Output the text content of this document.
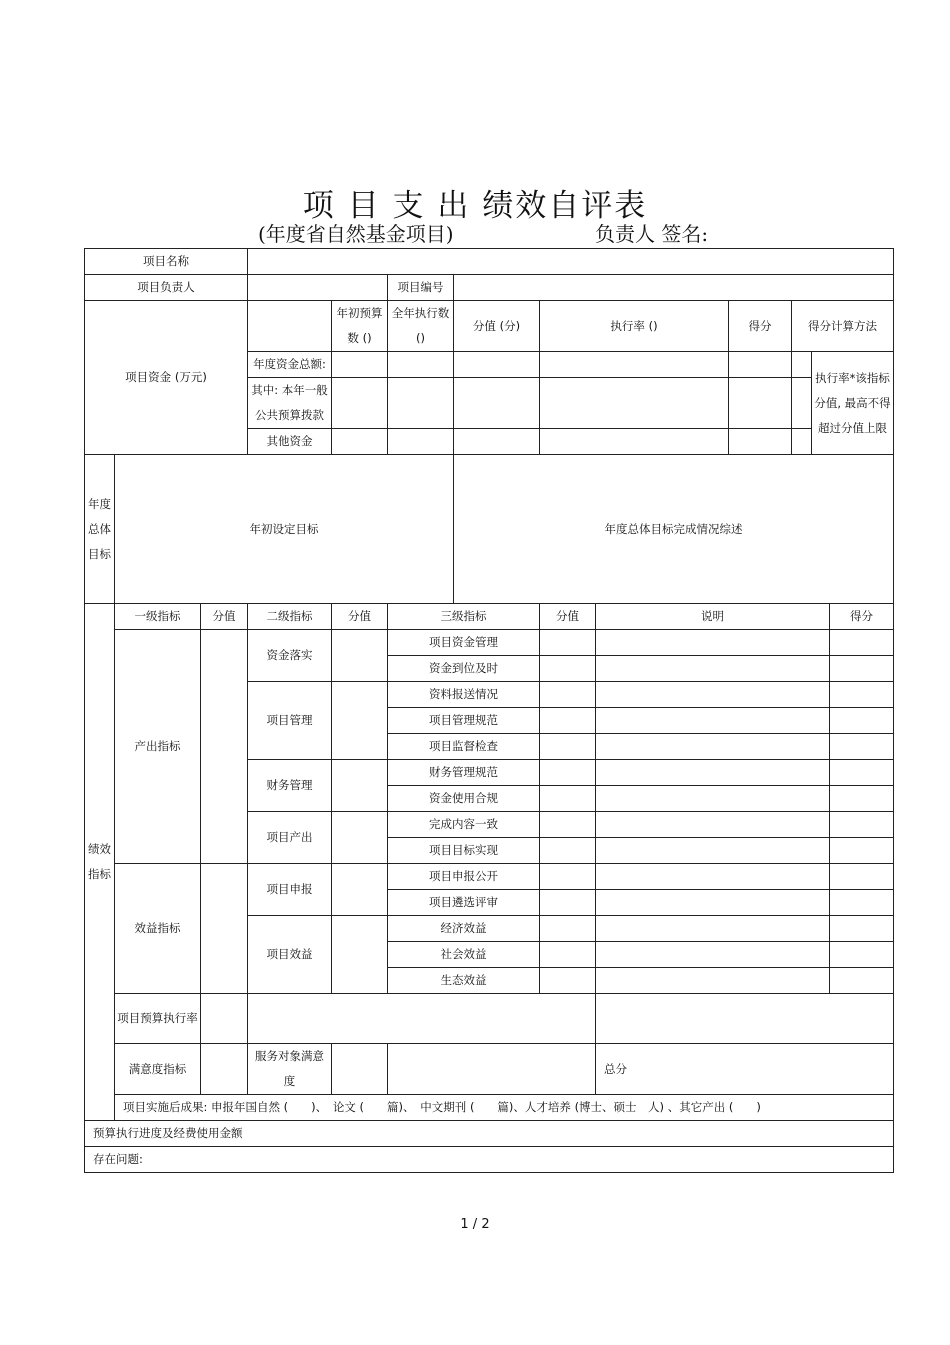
项 目 支 出 绩效自评表
(年度省自然基金项目)	负责人 签名:
项目名称												
项目负责人					项目编号							
项目资金 (万元)				年初预算数 ()	全年执行数 ()	分值 (分)	执行率 ()		得分	得分计算方法		
			年度资金总额:								执行率*该指标分值, 最高不得超过分值上限	
			其中: 本年一般公共预算拨款									
			其他资金									
年度总体目标	年初设定目标					年度总体目标完成情况综述						
绩效指标	一级指标	分值	二级指标	分值	三级指标		分值	说明				得分
	产出指标		资金落实		项目资金管理							
					资金到位及时							
			项目管理		资料报送情况							
					项目管理规范							
					项目监督检查							
			财务管理		财务管理规范							
					资金使用合规							
			项目产出		完成内容一致							
					项目目标实现							
	效益指标		项目申报		项目申报公开							
					项目遴选评审							
			项目效益		经济效益							
					社会效益							
					生态效益							
	项目预算执行率											
	满意度指标		服务对象满意度					总分				
	项目实施后成果: 申报年国自然 (　　)、　论文 (　　篇)、　中文期刊 (　　篇)、人才培养 (博士、硕士　人) 、其它产出 (　　)											
预算执行进度及经费使用金额												
存在问题:												
1 / 2
